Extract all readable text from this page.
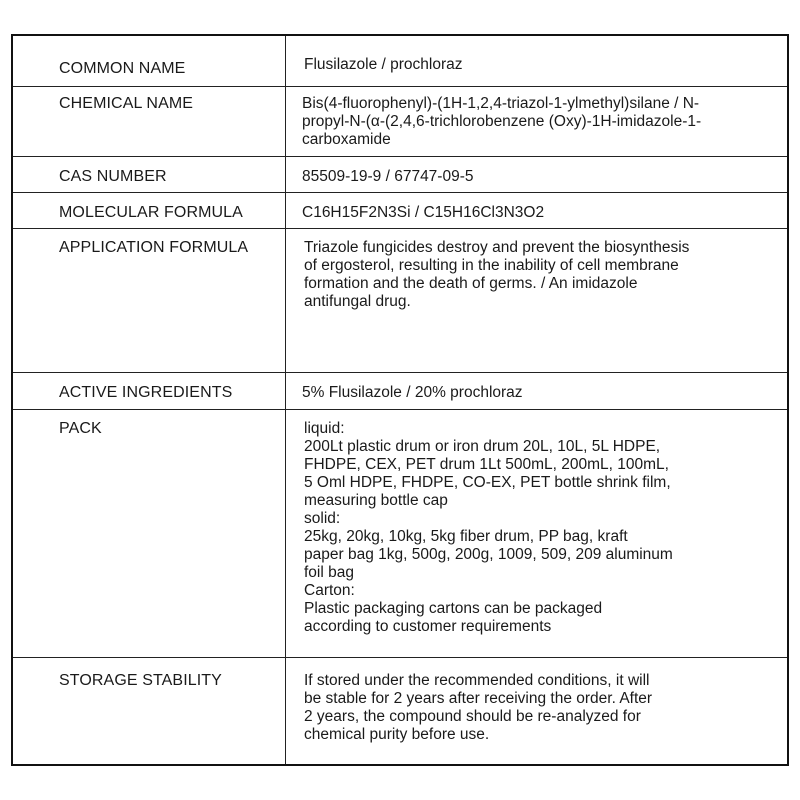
COMMON NAME	Flusilazole / prochloraz
CHEMICAL NAME	Bis(4-fluorophenyl)-(1H-1,2,4-triazol-1-ylmethyl)silane / N-
propyl-N-(α-(2,4,6-trichlorobenzene (Oxy)-1H-imidazole-1-
carboxamide
CAS NUMBER	85509-19-9 / 67747-09-5
MOLECULAR FORMULA	C16H15F2N3Si / C15H16Cl3N3O2
APPLICATION FORMULA	Triazole fungicides destroy and prevent the biosynthesis
of ergosterol, resulting in the inability of cell membrane
formation and the death of germs. / An imidazole
antifungal drug.
ACTIVE INGREDIENTS	5% Flusilazole / 20% prochloraz
PACK	liquid:
200Lt plastic drum or iron drum 20L, 10L, 5L HDPE,
FHDPE, CEX, PET drum 1Lt 500mL, 200mL, 100mL,
5 Oml HDPE, FHDPE, CO-EX, PET bottle shrink film,
measuring bottle cap
solid:
25kg, 20kg, 10kg, 5kg fiber drum, PP bag, kraft
paper bag 1kg, 500g, 200g, 1009, 509, 209 aluminum
foil bag
Carton:
Plastic packaging cartons can be packaged
according to customer requirements
STORAGE STABILITY	If stored under the recommended conditions, it will
be stable for 2 years after receiving the order. After
2 years, the compound should be re-analyzed for
chemical purity before use.
